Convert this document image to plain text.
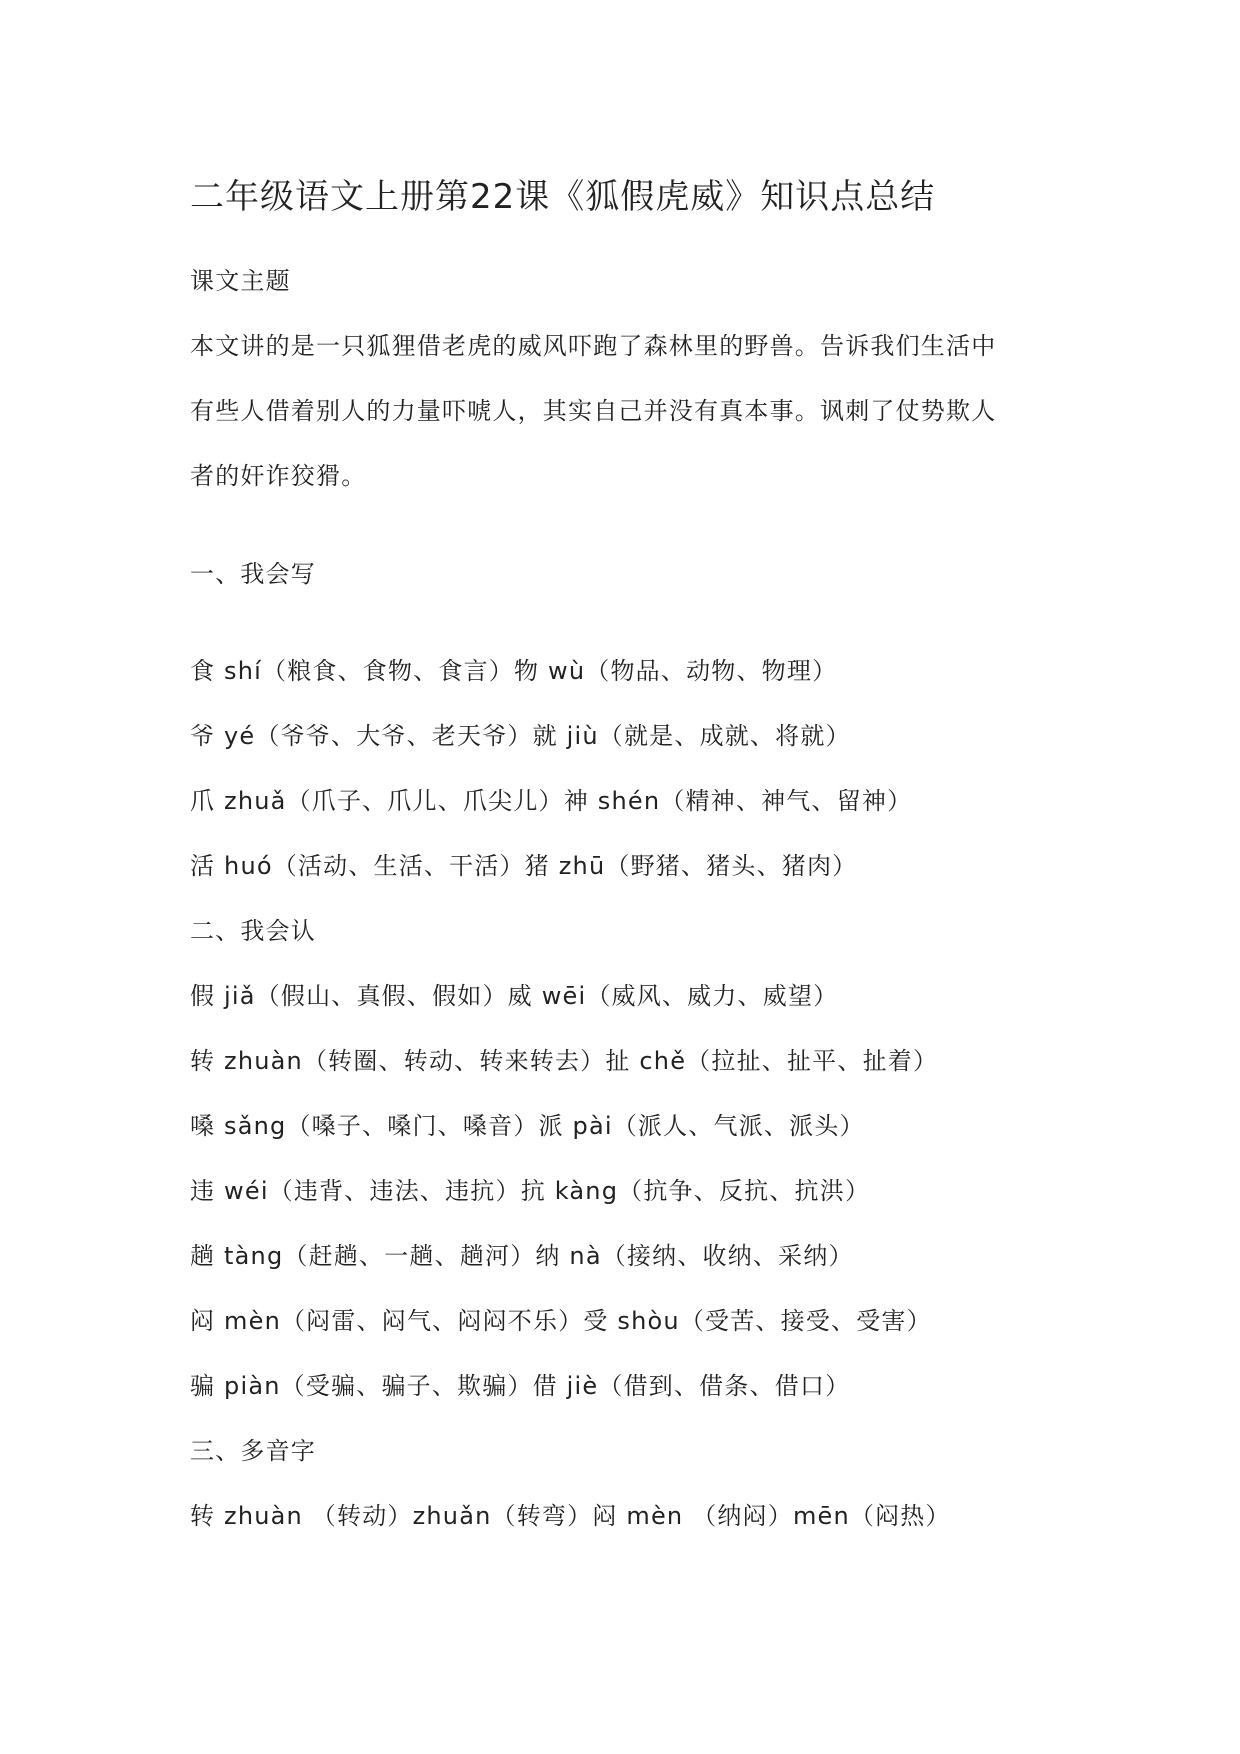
二年级语文上册第22课《狐假虎威》知识点总结

课文主题

本文讲的是一只狐狸借老虎的威风吓跑了森林里的野兽。告诉我们生活中

有些人借着别人的力量吓唬人，其实自己并没有真本事。讽刺了仗势欺人

者的奸诈狡猾。

一、我会写

食 shí（粮食、食物、食言）物 wù（物品、动物、物理）

爷 yé（爷爷、大爷、老天爷）就 jiù（就是、成就、将就）

爪 zhuǎ（爪子、爪儿、爪尖儿）神 shén（精神、神气、留神）

活 huó（活动、生活、干活）猪 zhū（野猪、猪头、猪肉）

二、我会认

假 jiǎ（假山、真假、假如）威 wēi（威风、威力、威望）

转 zhuàn（转圈、转动、转来转去）扯 chě（拉扯、扯平、扯着）

嗓 sǎng（嗓子、嗓门、嗓音）派 pài（派人、气派、派头）

违 wéi（违背、违法、违抗）抗 kàng（抗争、反抗、抗洪）

趟 tàng（赶趟、一趟、趟河）纳 nà（接纳、收纳、采纳）

闷 mèn（闷雷、闷气、闷闷不乐）受 shòu（受苦、接受、受害）

骗 piàn（受骗、骗子、欺骗）借 jiè（借到、借条、借口）

三、多音字

转 zhuàn （转动）zhuǎn（转弯）闷 mèn （纳闷）mēn（闷热）
